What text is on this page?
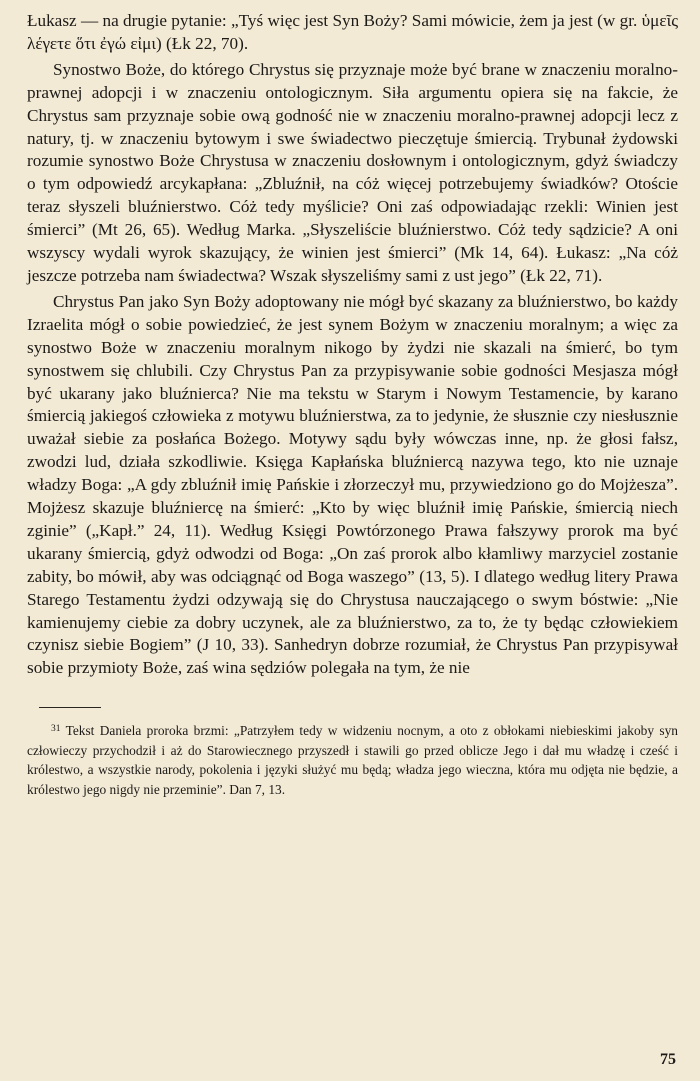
Łukasz — na drugie pytanie: „Tyś więc jest Syn Boży? Sami mówicie, żem ja jest (w gr. ὑμεῖς λέγετε ὅτι ἐγώ εἰμι) (Łk 22, 70).

Synostwo Boże, do którego Chrystus się przyznaje może być brane w znaczeniu moralno-prawnej adopcji i w znaczeniu ontologicznym. Siła argumentu opiera się na fakcie, że Chrystus sam przyznaje sobie ową godność nie w znaczeniu moralno-prawnej adopcji lecz z natury, tj. w znaczeniu bytowym i swe świadectwo pieczętuje śmiercią. Trybunał żydowski rozumie synostwo Boże Chrystusa w znaczeniu dosłownym i ontologicznym, gdyż świadczy o tym odpowiedź arcykapłana: „Zbluźnił, na cóż więcej potrzebujemy świadków? Otoście teraz słyszeli bluźnierstwo. Cóż tedy myślicie? Oni zaś odpowiadając rzekli: Winien jest śmierci” (Mt 26, 65). Według Marka. „Słyszeliście bluźnierstwo. Cóż tedy sądzicie? A oni wszyscy wydali wyrok skazujący, że winien jest śmierci” (Mk 14, 64). Łukasz: „Na cóż jeszcze potrzeba nam świadectwa? Wszak słyszeliśmy sami z ust jego” (Łk 22, 71).

Chrystus Pan jako Syn Boży adoptowany nie mógł być skazany za bluźnierstwo, bo każdy Izraelita mógł o sobie powiedzieć, że jest synem Bożym w znaczeniu moralnym; a więc za synostwo Boże w znaczeniu moralnym nikogo by żydzi nie skazali na śmierć, bo tym synostwem się chlubili. Czy Chrystus Pan za przypisywanie sobie godności Mesjasza mógł być ukarany jako bluźnierca? Nie ma tekstu w Starym i Nowym Testamencie, by karano śmiercią jakiegoś człowieka z motywu bluźnierstwa, za to jedynie, że słusznie czy niesłusznie uważał siebie za posłańca Bożego. Motywy sądu były wówczas inne, np. że głosi fałsz, zwodzi lud, działa szkodliwie. Księga Kapłańska bluźniercą nazywa tego, kto nie uznaje władzy Boga: „A gdy zbluźnił imię Pańskie i złorzeczył mu, przywiedziono go do Mojżesza”. Mojżesz skazuje bluźniercę na śmierć: „Kto by więc bluźnił imię Pańskie, śmiercią niech zginie” („Kapł.” 24, 11). Według Księgi Powtórzonego Prawa fałszywy prorok ma być ukarany śmiercią, gdyż odwodzi od Boga: „On zaś prorok albo kłamliwy marzyciel zostanie zabity, bo mówił, aby was odciągnąć od Boga waszego” (13, 5). I dlatego według litery Prawa Starego Testamentu żydzi odzywają się do Chrystusa nauczającego o swym bóstwie: „Nie kamienujemy ciebie za dobry uczynek, ale za bluźnierstwo, za to, że ty będąc człowiekiem czynisz siebie Bogiem” (J 10, 33). Sanhedryn dobrze rozumiał, że Chrystus Pan przypisywał sobie przymioty Boże, zaś wina sędziów polegała na tym, że nie

$^{31}$ Tekst Daniela proroka brzmi: „Patrzyłem tedy w widzeniu nocnym, a oto z obłokami niebieskimi jakoby syn człowieczy przychodził i aż do Starowiecznego przyszedł i stawili go przed oblicze Jego i dał mu władzę i cześć i królestwo, a wszystkie narody, pokolenia i języki służyć mu będą; władza jego wieczna, która mu odjęta nie będzie, a królestwo jego nigdy nie przeminie”. Dan 7, 13.

75
